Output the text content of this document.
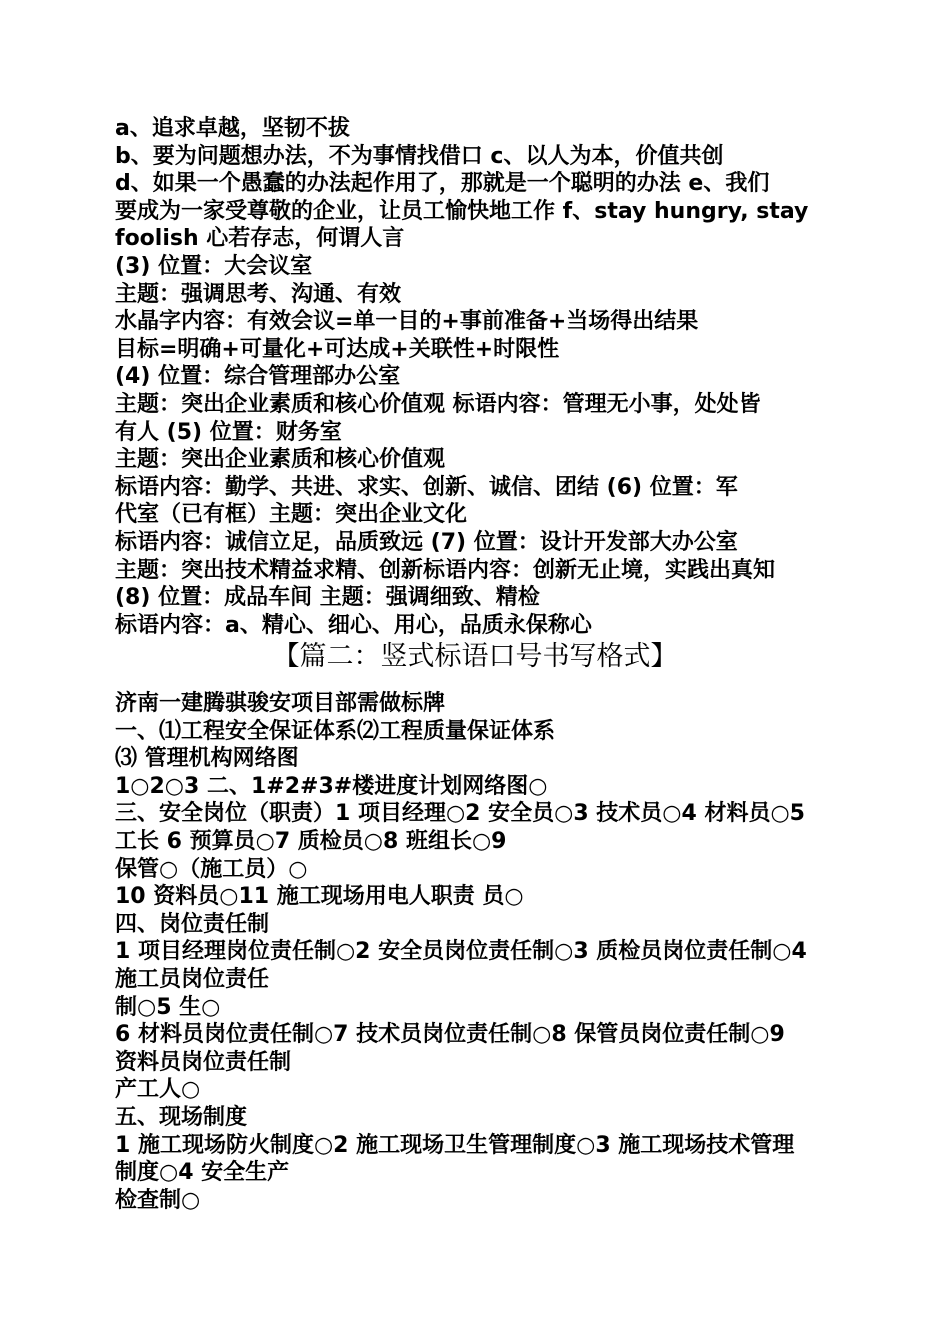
a、追求卓越，坚韧不拔
b、要为问题想办法，不为事情找借口 c、以人为本，价值共创
d、如果一个愚蠢的办法起作用了，那就是一个聪明的办法 e、我们
要成为一家受尊敬的企业，让员工愉快地工作 f、stay hungry, stay
foolish 心若存志，何谓人言
(3) 位置：大会议室
主题：强调思考、沟通、有效
水晶字内容：有效会议=单一目的+事前准备+当场得出结果
目标=明确+可量化+可达成+关联性+时限性
(4) 位置：综合管理部办公室
主题：突出企业素质和核心价值观 标语内容：管理无小事，处处皆
有人 (5) 位置：财务室
主题：突出企业素质和核心价值观
标语内容：勤学、共进、求实、创新、诚信、团结 (6) 位置：军
代室（已有框）主题：突出企业文化
标语内容：诚信立足，品质致远 (7) 位置：设计开发部大办公室
主题：突出技术精益求精、创新标语内容：创新无止境，实践出真知
(8) 位置：成品车间 主题：强调细致、精检
标语内容：a、精心、细心、用心，品质永保称心
【篇二：竖式标语口号书写格式】
济南一建腾骐骏安项目部需做标牌
一、⑴工程安全保证体系⑵工程质量保证体系
⑶ 管理机构网络图
1○2○3 二、1#2#3#楼进度计划网络图○
三、安全岗位（职责）1 项目经理○2 安全员○3 技术员○4 材料员○5
工长 6 预算员○7 质检员○8 班组长○9
保管○（施工员）○
10 资料员○11 施工现场用电人职责 员○
四、岗位责任制
1 项目经理岗位责任制○2 安全员岗位责任制○3 质检员岗位责任制○4
施工员岗位责任
制○5 生○
6 材料员岗位责任制○7 技术员岗位责任制○8 保管员岗位责任制○9
资料员岗位责任制
产工人○
五、现场制度
1 施工现场防火制度○2 施工现场卫生管理制度○3 施工现场技术管理
制度○4 安全生产
检查制○
